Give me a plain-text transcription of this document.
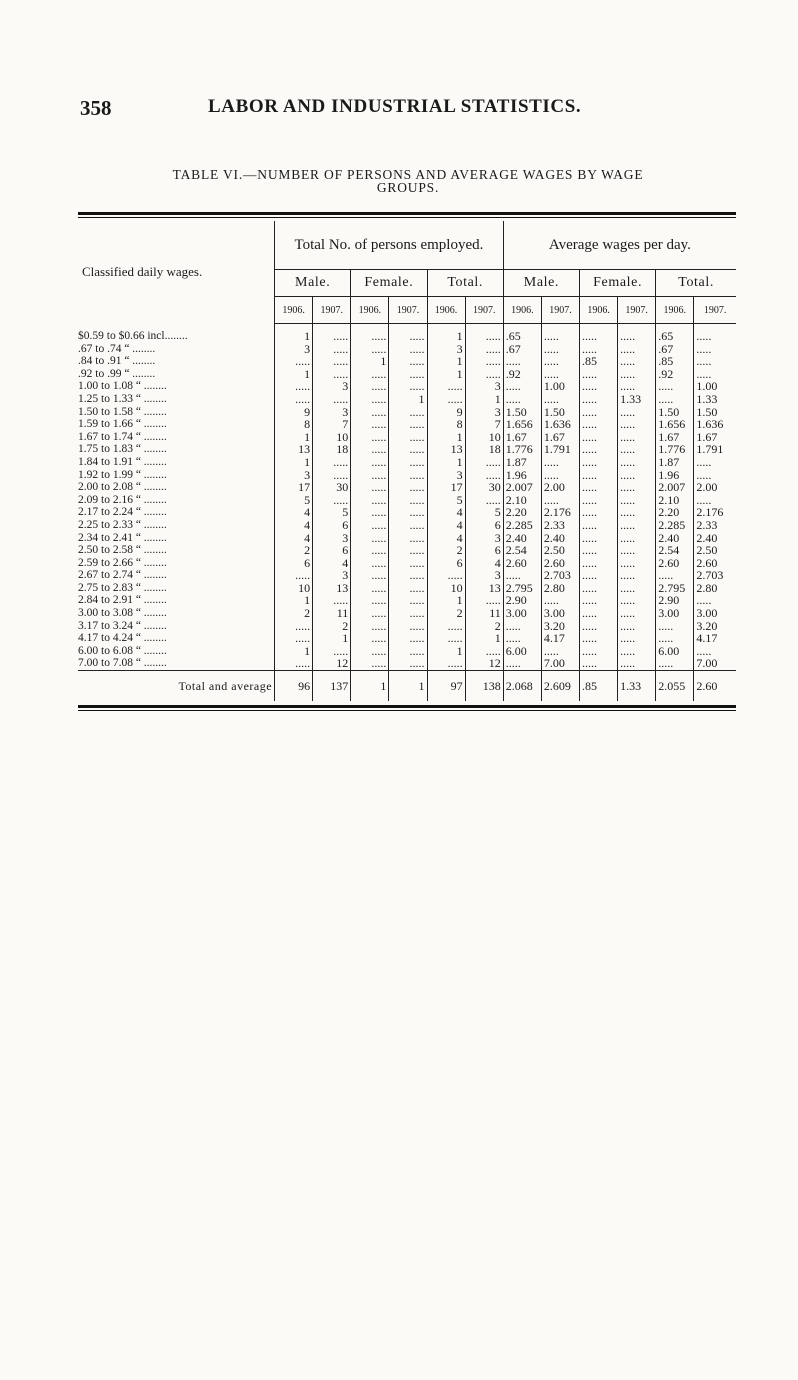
358	LABOR AND INDUSTRIAL STATISTICS.
TABLE VI.—NUMBER OF PERSONS AND AVERAGE WAGES BY WAGE
GROUPS.
Classified daily wages.	Total No. of persons employed.						Average wages per day.					
	Male.		Female.		Total.		Male.		Female.		Total.	
	1906.	1907.	1906.	1907.	1906.	1907.	1906.	1907.	1906.	1907.	1906.	1907.
$0.59 to $0.66 incl........	1	.....	.....	.....	1	.....	.65	.....	.....	.....	.65	.....
.67 to .74 “ ........	3	.....	.....	.....	3	.....	.67	.....	.....	.....	.67	.....
.84 to .91 “ ........	.....	.....	1	.....	1	.....	.....	.....	.85	.....	.85	.....
.92 to .99 “ ........	1	.....	.....	.....	1	.....	.92	.....	.....	.....	.92	.....
1.00 to 1.08 “ ........	.....	3	.....	.....	.....	3	.....	1.00	.....	.....	.....	1.00
1.25 to 1.33 “ ........	.....	.....	.....	1	.....	1	.....	.....	.....	1.33	.....	1.33
1.50 to 1.58 “ ........	9	3	.....	.....	9	3	1.50	1.50	.....	.....	1.50	1.50
1.59 to 1.66 “ ........	8	7	.....	.....	8	7	1.656	1.636	.....	.....	1.656	1.636
1.67 to 1.74 “ ........	1	10	.....	.....	1	10	1.67	1.67	.....	.....	1.67	1.67
1.75 to 1.83 “ ........	13	18	.....	.....	13	18	1.776	1.791	.....	.....	1.776	1.791
1.84 to 1.91 “ ........	1	.....	.....	.....	1	.....	1.87	.....	.....	.....	1.87	.....
1.92 to 1.99 “ ........	3	.....	.....	.....	3	.....	1.96	.....	.....	.....	1.96	.....
2.00 to 2.08 “ ........	17	30	.....	.....	17	30	2.007	2.00	.....	.....	2.007	2.00
2.09 to 2.16 “ ........	5	.....	.....	.....	5	.....	2.10	.....	.....	.....	2.10	.....
2.17 to 2.24 “ ........	4	5	.....	.....	4	5	2.20	2.176	.....	.....	2.20	2.176
2.25 to 2.33 “ ........	4	6	.....	.....	4	6	2.285	2.33	.....	.....	2.285	2.33
2.34 to 2.41 “ ........	4	3	.....	.....	4	3	2.40	2.40	.....	.....	2.40	2.40
2.50 to 2.58 “ ........	2	6	.....	.....	2	6	2.54	2.50	.....	.....	2.54	2.50
2.59 to 2.66 “ ........	6	4	.....	.....	6	4	2.60	2.60	.....	.....	2.60	2.60
2.67 to 2.74 “ ........	.....	3	.....	.....	.....	3	.....	2.703	.....	.....	.....	2.703
2.75 to 2.83 “ ........	10	13	.....	.....	10	13	2.795	2.80	.....	.....	2.795	2.80
2.84 to 2.91 “ ........	1	.....	.....	.....	1	.....	2.90	.....	.....	.....	2.90	.....
3.00 to 3.08 “ ........	2	11	.....	.....	2	11	3.00	3.00	.....	.....	3.00	3.00
3.17 to 3.24 “ ........	.....	2	.....	.....	.....	2	.....	3.20	.....	.....	.....	3.20
4.17 to 4.24 “ ........	.....	1	.....	.....	.....	1	.....	4.17	.....	.....	.....	4.17
6.00 to 6.08 “ ........	1	.....	.....	.....	1	.....	6.00	.....	.....	.....	6.00	.....
7.00 to 7.08 “ ........	.....	12	.....	.....	.....	12	.....	7.00	.....	.....	.....	7.00
Total and average	96	137	1	1	97	138	2.068	2.609	.85	1.33	2.055	2.60
